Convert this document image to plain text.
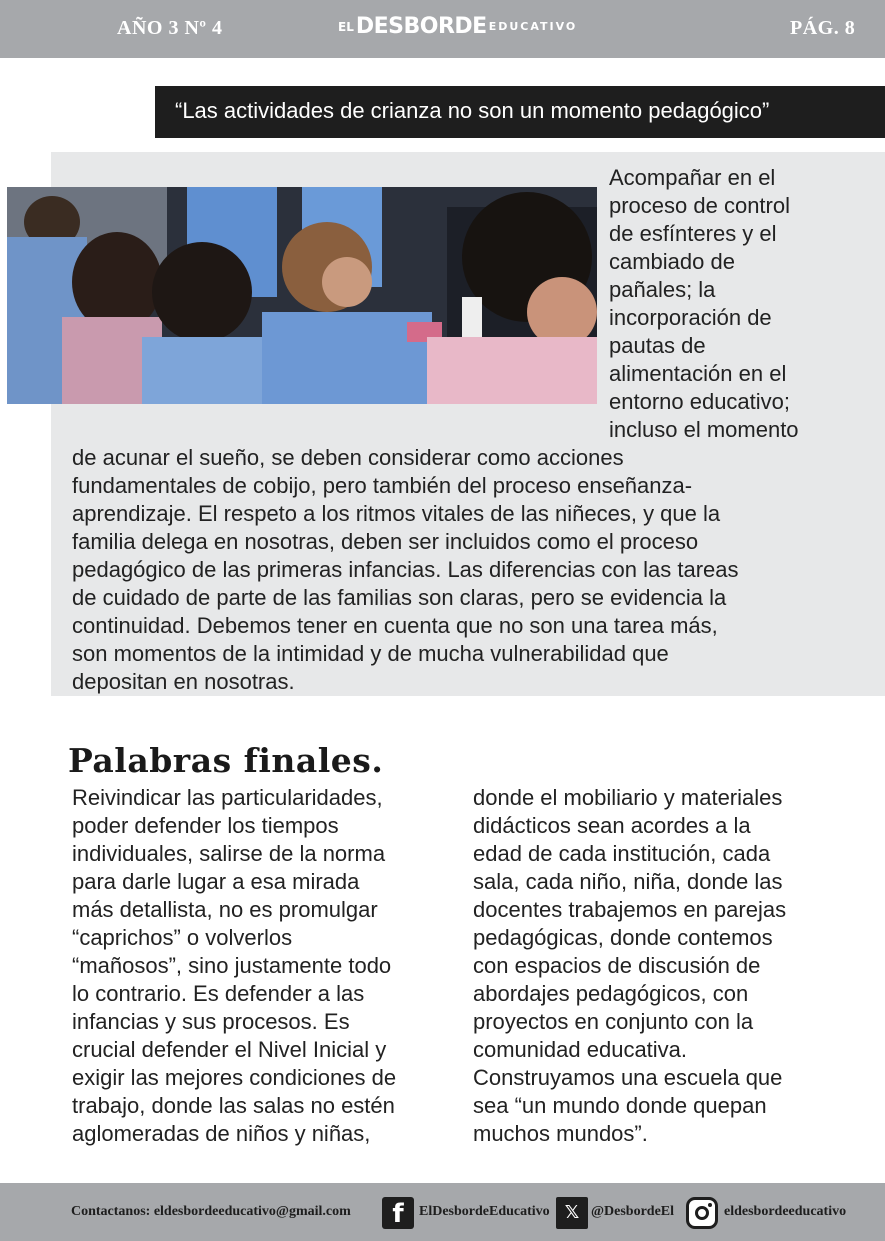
AÑO 3 Nº 4	ELDESBORDE EDUCATIVO	PÁG. 8
“Las actividades de crianza no son un momento pedagógico”
Acompañar en el
proceso de control
de esfínteres y el
cambiado de
pañales; la
incorporación de
pautas de
alimentación en el
entorno educativo;
incluso el momento
de acunar el sueño, se deben considerar como acciones
fundamentales de cobijo, pero también del proceso enseñanza-
aprendizaje. El respeto a los ritmos vitales de las niñeces, y que la
familia delega en nosotras, deben ser incluidos como el proceso
pedagógico de las primeras infancias. Las diferencias con las tareas
de cuidado de parte de las familias son claras, pero se evidencia la
continuidad. Debemos tener en cuenta que no son una tarea más,
son momentos de la intimidad y de mucha vulnerabilidad que
depositan en nosotras.
Palabras finales.
Reivindicar las particularidades,
poder defender los tiempos
individuales, salirse de la norma
para darle lugar a esa mirada
más detallista, no es promulgar
“caprichos” o volverlos
“mañosos”, sino justamente todo
lo contrario. Es defender a las
infancias y sus procesos. Es
crucial defender el Nivel Inicial y
exigir las mejores condiciones de
trabajo, donde las salas no estén
aglomeradas de niños y niñas,
donde el mobiliario y materiales
didácticos sean acordes a la
edad de cada institución, cada
sala, cada niño, niña, donde las
docentes trabajemos en parejas
pedagógicas, donde contemos
con espacios de discusión de
abordajes pedagógicos, con
proyectos en conjunto con la
comunidad educativa.
Construyamos una escuela que
sea “un mundo donde quepan
muchos mundos”.
Contactanos: eldesbordeeducativo@gmail.com	f	ElDesbordeEducativo 𝕏 @DesbordeEl	eldesbordeeducativo
